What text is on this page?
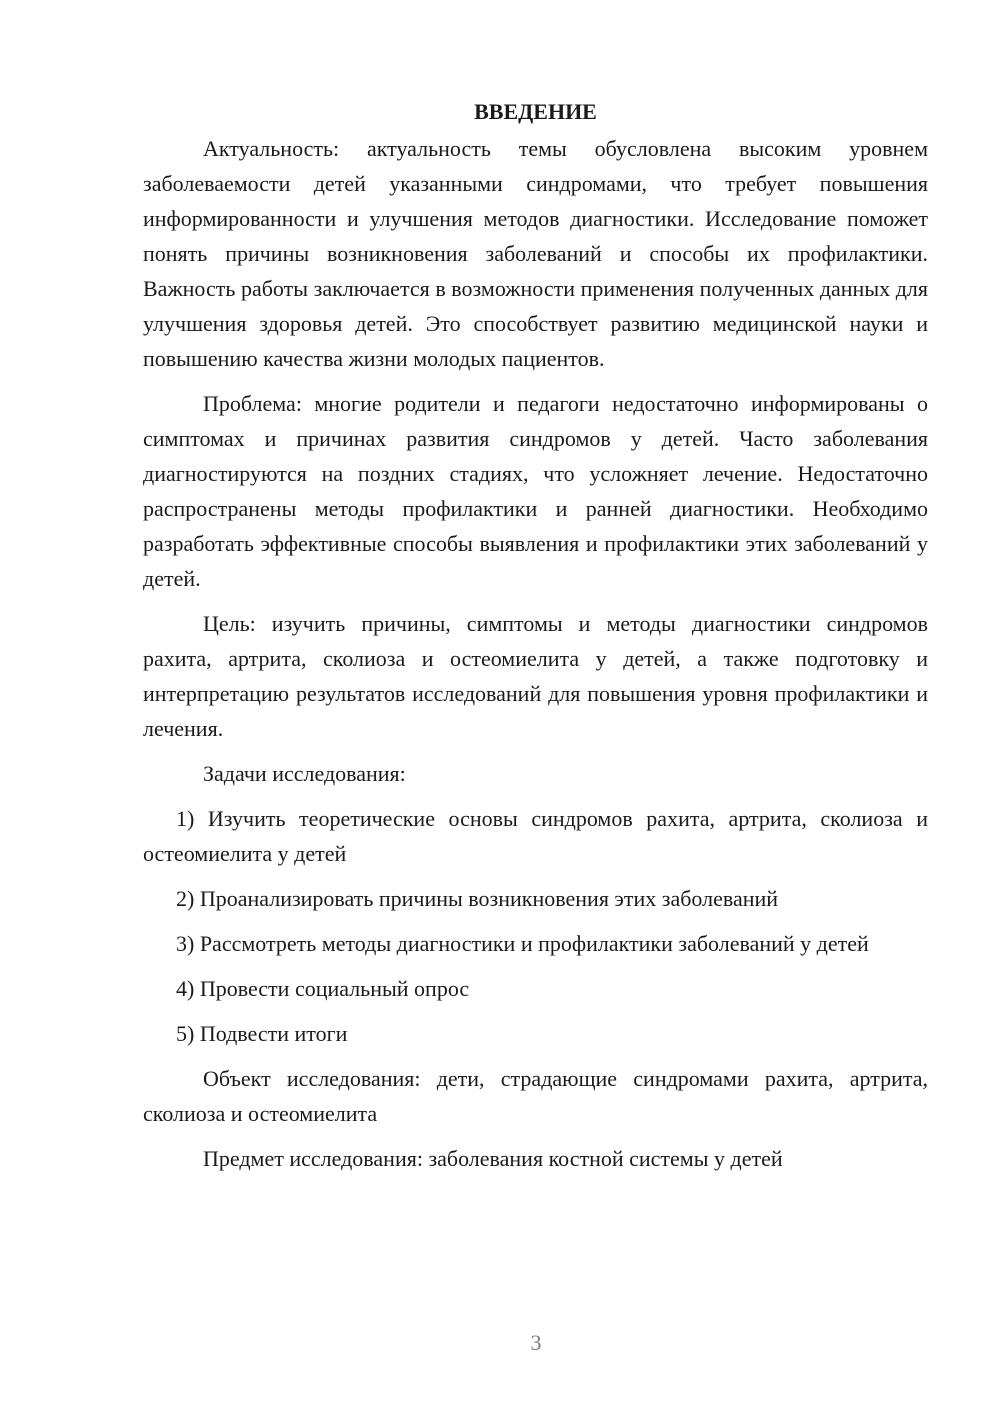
ВВЕДЕНИЕ

Актуальность: актуальность темы обусловлена высоким уровнем заболеваемости детей указанными синдромами, что требует повышения информированности и улучшения методов диагностики. Исследование поможет понять причины возникновения заболеваний и способы их профилактики. Важность работы заключается в возможности применения полученных данных для улучшения здоровья детей. Это способствует развитию медицинской науки и повышению качества жизни молодых пациентов.

Проблема: многие родители и педагоги недостаточно информированы о симптомах и причинах развития синдромов у детей. Часто заболевания диагностируются на поздних стадиях, что усложняет лечение. Недостаточно распространены методы профилактики и ранней диагностики. Необходимо разработать эффективные способы выявления и профилактики этих заболеваний у детей.

Цель: изучить причины, симптомы и методы диагностики синдромов рахита, артрита, сколиоза и остеомиелита у детей, а также подготовку и интерпретацию результатов исследований для повышения уровня профилактики и лечения.

Задачи исследования:

1) Изучить теоретические основы синдромов рахита, артрита, сколиоза и остеомиелита у детей

2) Проанализировать причины возникновения этих заболеваний

3) Рассмотреть методы диагностики и профилактики заболеваний у детей

4) Провести социальный опрос

5) Подвести итоги

Объект исследования: дети, страдающие синдромами рахита, артрита, сколиоза и остеомиелита

Предмет исследования: заболевания костной системы у детей

3
